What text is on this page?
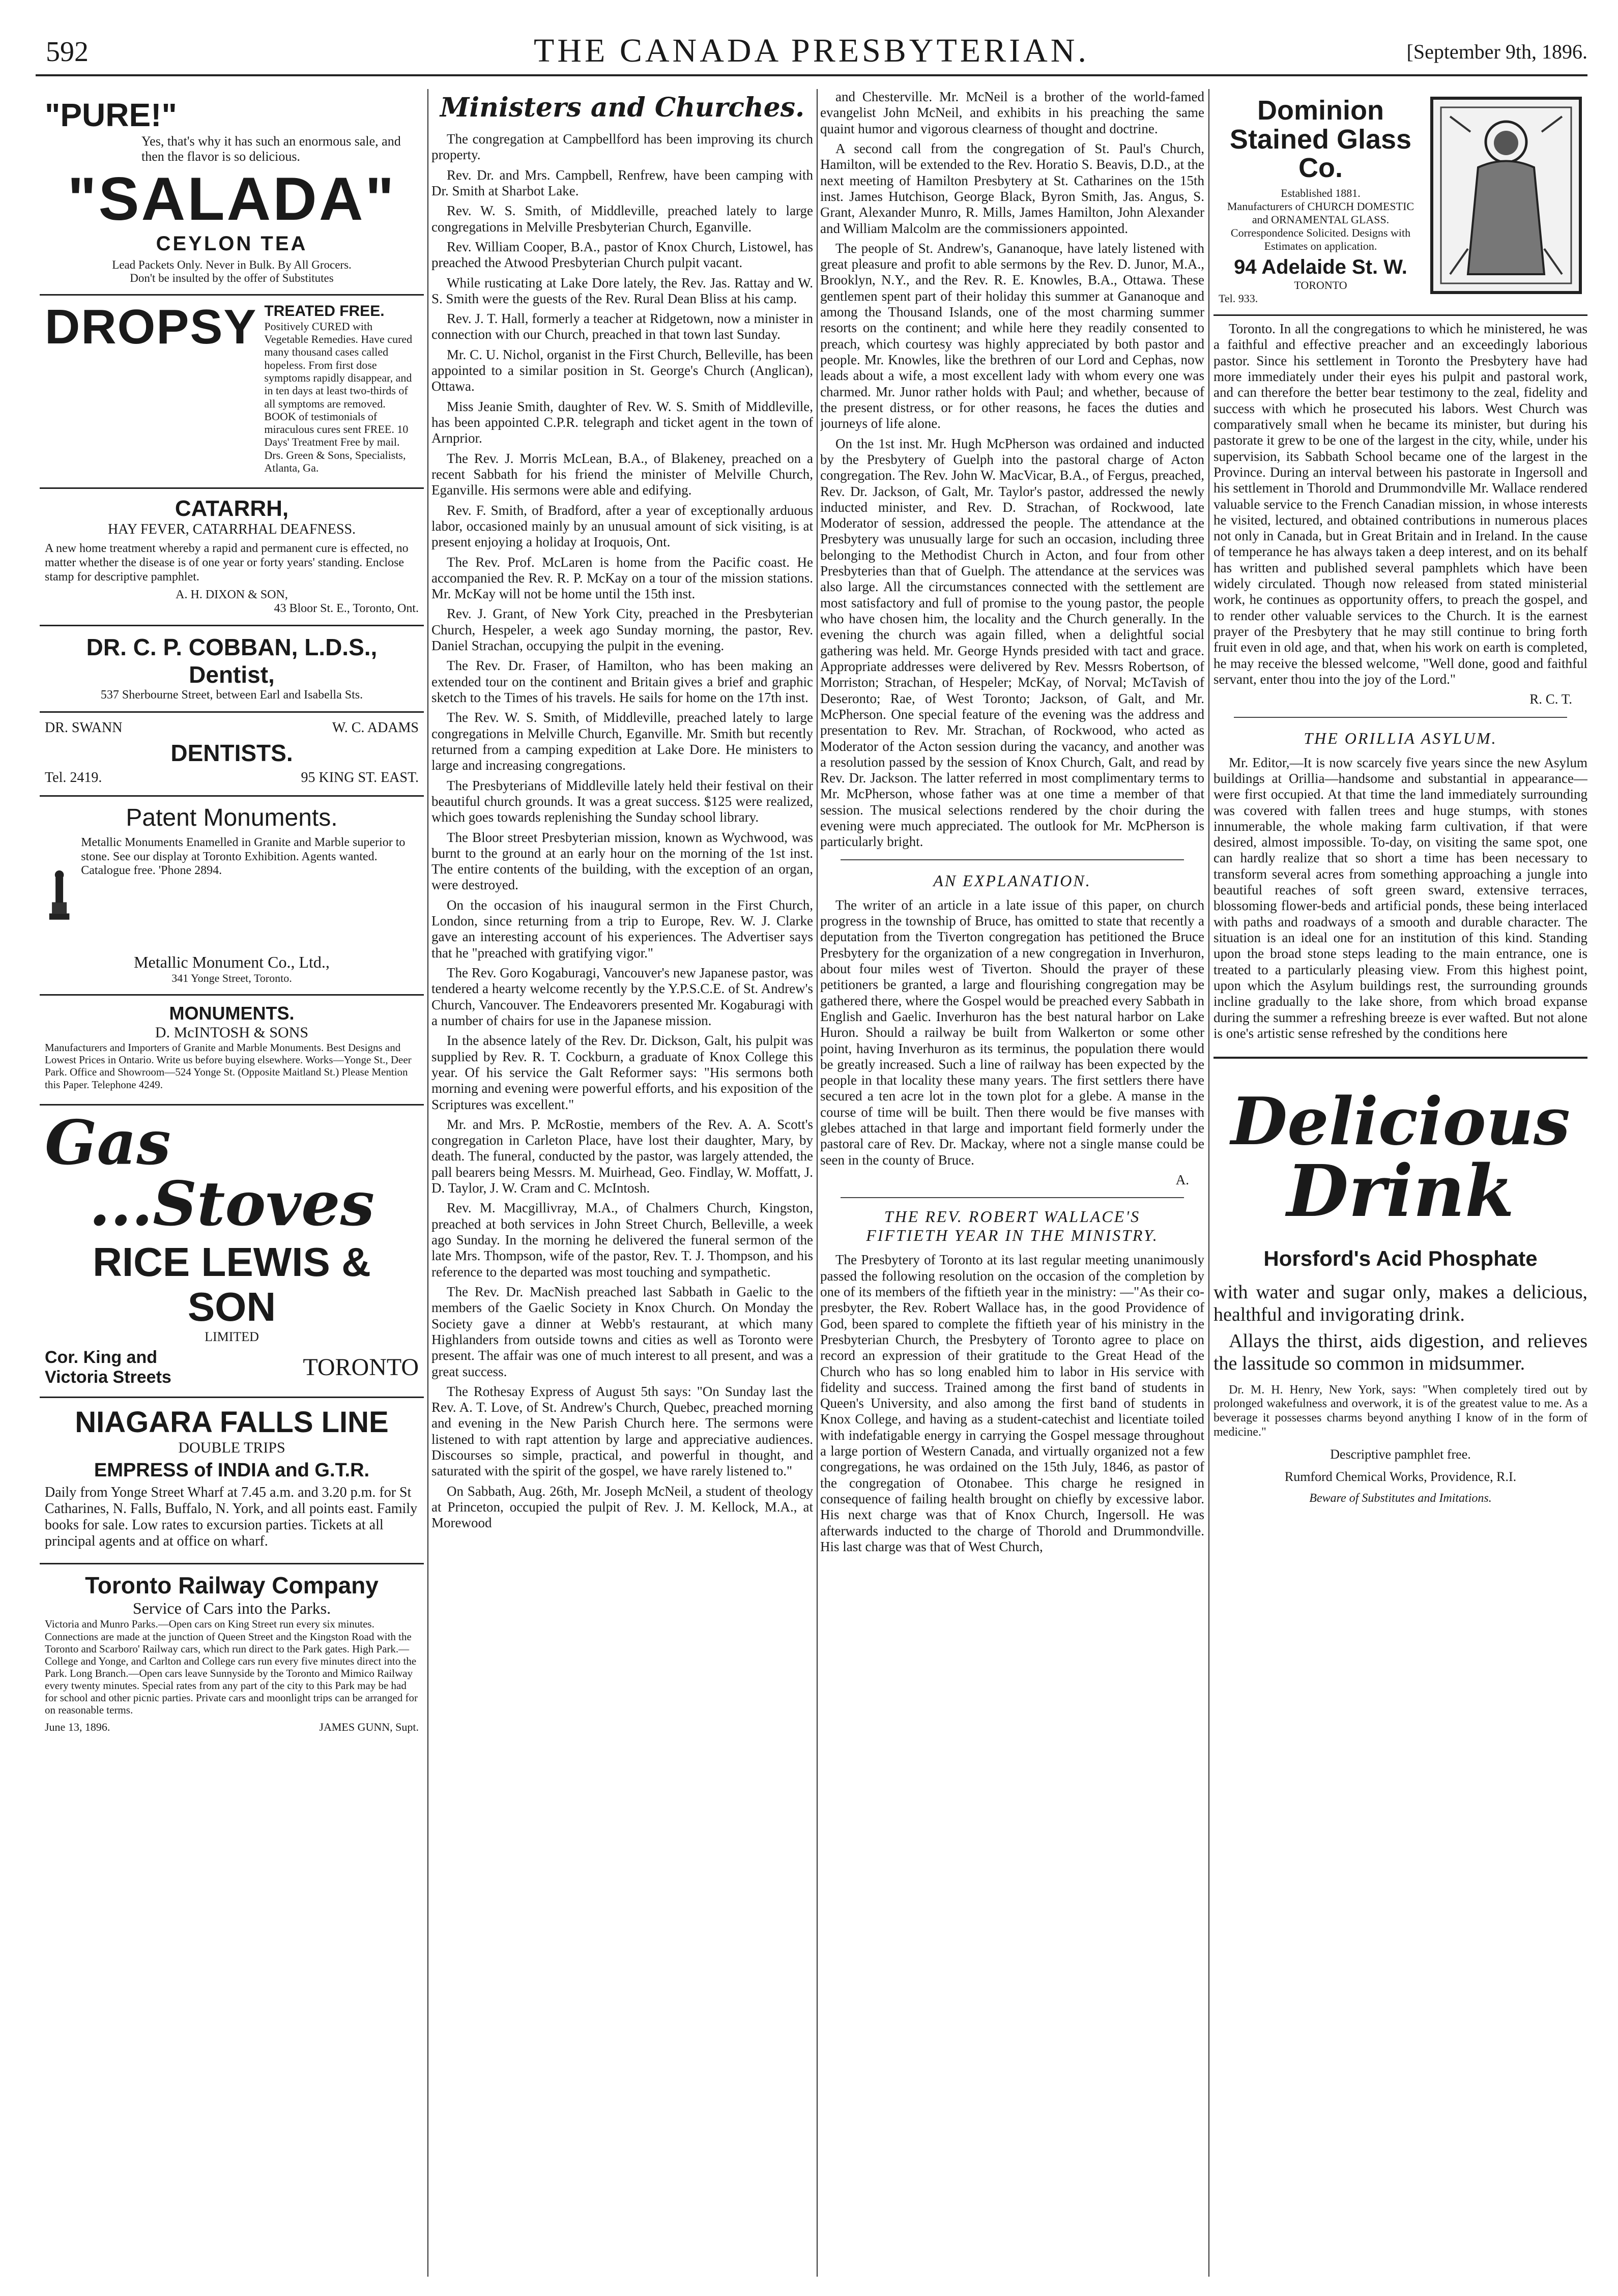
592	THE CANADA PRESBYTERIAN.	[September 9th, 1896.
"PURE!"

Yes, that's why it has such an enormous sale, and then the flavor is so delicious.

"SALADA"
CEYLON TEA
Lead Packets Only. Never in Bulk. By All Grocers.
Don't be insulted by the offer of Substitutes
DROPSY TREATED FREE.

Positively CURED with Vegetable Remedies. Have cured many thousand cases called hopeless. From first dose symptoms rapidly disappear, and in ten days at least two-thirds of all symptoms are removed. BOOK of testimonials of miraculous cures sent FREE. 10 Days' Treatment Free by mail. Drs. Green & Sons, Specialists, Atlanta, Ga.

CATARRH,
HAY FEVER, CATARRHAL DEAFNESS.

A new home treatment whereby a rapid and permanent cure is effected, no matter whether the disease is of one year or forty years' standing. Enclose stamp for descriptive pamphlet.

A. H. DIXON & SON,
43 Bloor St. E., Toronto, Ont.
DR. C. P. COBBAN, L.D.S., Dentist,
537 Sherbourne Street, between Earl and Isabella Sts.
DR. SWANN	W. C. ADAMS
DENTISTS.
Tel. 2419.	95 KING ST. EAST.
Patent Monuments.

Metallic Monuments Enamelled in Granite and Marble superior to stone. See our display at Toronto Exhibition. Agents wanted. Catalogue free. 'Phone 2894.

Metallic Monument Co., Ltd.,
341 Yonge Street, Toronto.
MONUMENTS.
D. McINTOSH & SONS

Manufacturers and Importers of Granite and Marble Monuments. Best Designs and Lowest Prices in Ontario. Write us before buying elsewhere. Works—Yonge St., Deer Park. Office and Showroom—524 Yonge St. (Opposite Maitland St.) Please Mention this Paper. Telephone 4249.

Gas
...Stoves
RICE LEWIS & SON
LIMITED
Cor. King and Victoria Streets	TORONTO
NIAGARA FALLS LINE
DOUBLE TRIPS
EMPRESS of INDIA and G.T.R.

Daily from Yonge Street Wharf at 7.45 a.m. and 3.20 p.m. for St Catharines, N. Falls, Buffalo, N. York, and all points east. Family books for sale. Low rates to excursion parties. Tickets at all principal agents and at office on wharf.

Toronto Railway Company
Service of Cars into the Parks.

Victoria and Munro Parks.—Open cars on King Street run every six minutes. Connections are made at the junction of Queen Street and the Kingston Road with the Toronto and Scarboro' Railway cars, which run direct to the Park gates. High Park.—College and Yonge, and Carlton and College cars run every five minutes direct into the Park. Long Branch.—Open cars leave Sunnyside by the Toronto and Mimico Railway every twenty minutes. Special rates from any part of the city to this Park may be had for school and other picnic parties. Private cars and moonlight trips can be arranged for on reasonable terms.

June 13, 1896.	JAMES GUNN, Supt.
Ministers and Churches.

The congregation at Campbellford has been improving its church property.

Rev. Dr. and Mrs. Campbell, Renfrew, have been camping with Dr. Smith at Sharbot Lake.

Rev. W. S. Smith, of Middleville, preached lately to large congregations in Melville Presbyterian Church, Eganville.

Rev. William Cooper, B.A., pastor of Knox Church, Listowel, has preached the Atwood Presbyterian Church pulpit vacant.

While rusticating at Lake Dore lately, the Rev. Jas. Rattay and W. S. Smith were the guests of the Rev. Rural Dean Bliss at his camp.

Rev. J. T. Hall, formerly a teacher at Ridgetown, now a minister in connection with our Church, preached in that town last Sunday.

Mr. C. U. Nichol, organist in the First Church, Belleville, has been appointed to a similar position in St. George's Church (Anglican), Ottawa.

Miss Jeanie Smith, daughter of Rev. W. S. Smith of Middleville, has been appointed C.P.R. telegraph and ticket agent in the town of Arnprior.

The Rev. J. Morris McLean, B.A., of Blakeney, preached on a recent Sabbath for his friend the minister of Melville Church, Eganville. His sermons were able and edifying.

Rev. F. Smith, of Bradford, after a year of exceptionally arduous labor, occasioned mainly by an unusual amount of sick visiting, is at present enjoying a holiday at Iroquois, Ont.

The Rev. Prof. McLaren is home from the Pacific coast. He accompanied the Rev. R. P. McKay on a tour of the mission stations. Mr. McKay will not be home until the 15th inst.

Rev. J. Grant, of New York City, preached in the Presbyterian Church, Hespeler, a week ago Sunday morning, the pastor, Rev. Daniel Strachan, occupying the pulpit in the evening.

The Rev. Dr. Fraser, of Hamilton, who has been making an extended tour on the continent and Britain gives a brief and graphic sketch to the Times of his travels. He sails for home on the 17th inst.

The Rev. W. S. Smith, of Middleville, preached lately to large congregations in Melville Church, Eganville. Mr. Smith but recently returned from a camping expedition at Lake Dore. He ministers to large and increasing congregations.

The Presbyterians of Middleville lately held their festival on their beautiful church grounds. It was a great success. $125 were realized, which goes towards replenishing the Sunday school library.

The Bloor street Presbyterian mission, known as Wychwood, was burnt to the ground at an early hour on the morning of the 1st inst. The entire contents of the building, with the exception of an organ, were destroyed.

On the occasion of his inaugural sermon in the First Church, London, since returning from a trip to Europe, Rev. W. J. Clarke gave an interesting account of his experiences. The Advertiser says that he "preached with gratifying vigor."

The Rev. Goro Kogaburagi, Vancouver's new Japanese pastor, was tendered a hearty welcome recently by the Y.P.S.C.E. of St. Andrew's Church, Vancouver. The Endeavorers presented Mr. Kogaburagi with a number of chairs for use in the Japanese mission.

In the absence lately of the Rev. Dr. Dickson, Galt, his pulpit was supplied by Rev. R. T. Cockburn, a graduate of Knox College this year. Of his service the Galt Reformer says: "His sermons both morning and evening were powerful efforts, and his exposition of the Scriptures was excellent."

Mr. and Mrs. P. McRostie, members of the Rev. A. A. Scott's congregation in Carleton Place, have lost their daughter, Mary, by death. The funeral, conducted by the pastor, was largely attended, the pall bearers being Messrs. M. Muirhead, Geo. Findlay, W. Moffatt, J. D. Taylor, J. W. Cram and C. McIntosh.

Rev. M. Macgillivray, M.A., of Chalmers Church, Kingston, preached at both services in John Street Church, Belleville, a week ago Sunday. In the morning he delivered the funeral sermon of the late Mrs. Thompson, wife of the pastor, Rev. T. J. Thompson, and his reference to the departed was most touching and sympathetic.

The Rev. Dr. MacNish preached last Sabbath in Gaelic to the members of the Gaelic Society in Knox Church. On Monday the Society gave a dinner at Webb's restaurant, at which many Highlanders from outside towns and cities as well as Toronto were present. The affair was one of much interest to all present, and was a great success.

The Rothesay Express of August 5th says: "On Sunday last the Rev. A. T. Love, of St. Andrew's Church, Quebec, preached morning and evening in the New Parish Church here. The sermons were listened to with rapt attention by large and appreciative audiences. Discourses so simple, practical, and powerful in thought, and saturated with the spirit of the gospel, we have rarely listened to."

On Sabbath, Aug. 26th, Mr. Joseph McNeil, a student of theology at Princeton, occupied the pulpit of Rev. J. M. Kellock, M.A., at Morewood

and Chesterville. Mr. McNeil is a brother of the world-famed evangelist John McNeil, and exhibits in his preaching the same quaint humor and vigorous clearness of thought and doctrine.

A second call from the congregation of St. Paul's Church, Hamilton, will be extended to the Rev. Horatio S. Beavis, D.D., at the next meeting of Hamilton Presbytery at St. Catharines on the 15th inst. James Hutchison, George Black, Byron Smith, Jas. Angus, S. Grant, Alexander Munro, R. Mills, James Hamilton, John Alexander and William Malcolm are the commissioners appointed.

The people of St. Andrew's, Gananoque, have lately listened with great pleasure and profit to able sermons by the Rev. D. Junor, M.A., Brooklyn, N.Y., and the Rev. R. E. Knowles, B.A., Ottawa. These gentlemen spent part of their holiday this summer at Gananoque and among the Thousand Islands, one of the most charming summer resorts on the continent; and while here they readily consented to preach, which courtesy was highly appreciated by both pastor and people. Mr. Knowles, like the brethren of our Lord and Cephas, now leads about a wife, a most excellent lady with whom every one was charmed. Mr. Junor rather holds with Paul; and whether, because of the present distress, or for other reasons, he faces the duties and journeys of life alone.

On the 1st inst. Mr. Hugh McPherson was ordained and inducted by the Presbytery of Guelph into the pastoral charge of Acton congregation. The Rev. John W. MacVicar, B.A., of Fergus, preached, Rev. Dr. Jackson, of Galt, Mr. Taylor's pastor, addressed the newly inducted minister, and Rev. D. Strachan, of Rockwood, late Moderator of session, addressed the people. The attendance at the Presbytery was unusually large for such an occasion, including three belonging to the Methodist Church in Acton, and four from other Presbyteries than that of Guelph. The attendance at the services was also large. All the circumstances connected with the settlement are most satisfactory and full of promise to the young pastor, the people who have chosen him, the locality and the Church generally. In the evening the church was again filled, when a delightful social gathering was held. Mr. George Hynds presided with tact and grace. Appropriate addresses were delivered by Rev. Messrs Robertson, of Morriston; Strachan, of Hespeler; McKay, of Norval; McTavish of Deseronto; Rae, of West Toronto; Jackson, of Galt, and Mr. McPherson. One special feature of the evening was the address and presentation to Rev. Mr. Strachan, of Rockwood, who acted as Moderator of the Acton session during the vacancy, and another was a resolution passed by the session of Knox Church, Galt, and read by Rev. Dr. Jackson. The latter referred in most complimentary terms to Mr. McPherson, whose father was at one time a member of that session. The musical selections rendered by the choir during the evening were much appreciated. The outlook for Mr. McPherson is particularly bright.

AN EXPLANATION.

The writer of an article in a late issue of this paper, on church progress in the township of Bruce, has omitted to state that recently a deputation from the Tiverton congregation has petitioned the Bruce Presbytery for the organization of a new congregation in Inverhuron, about four miles west of Tiverton. Should the prayer of these petitioners be granted, a large and flourishing congregation may be gathered there, where the Gospel would be preached every Sabbath in English and Gaelic. Inverhuron has the best natural harbor on Lake Huron. Should a railway be built from Walkerton or some other point, having Inverhuron as its terminus, the population there would be greatly increased. Such a line of railway has been expected by the people in that locality these many years. The first settlers there have secured a ten acre lot in the town plot for a glebe. A manse in the course of time will be built. Then there would be five manses with glebes attached in that large and important field formerly under the pastoral care of Rev. Dr. Mackay, where not a single manse could be seen in the county of Bruce.

A.

THE REV. ROBERT WALLACE'S FIFTIETH YEAR IN THE MINISTRY.

The Presbytery of Toronto at its last regular meeting unanimously passed the following resolution on the occasion of the completion by one of its members of the fiftieth year in the ministry: —"As their co-presbyter, the Rev. Robert Wallace has, in the good Providence of God, been spared to complete the fiftieth year of his ministry in the Presbyterian Church, the Presbytery of Toronto agree to place on record an expression of their gratitude to the Great Head of the Church who has so long enabled him to labor in His service with fidelity and success. Trained among the first band of students in Queen's University, and also among the first band of students in Knox College, and having as a student-catechist and licentiate toiled with indefatigable energy in carrying the Gospel message throughout a large portion of Western Canada, and virtually organized not a few congregations, he was ordained on the 15th July, 1846, as pastor of the congregation of Otonabee. This charge he resigned in consequence of failing health brought on chiefly by excessive labor. His next charge was that of Knox Church, Ingersoll. He was afterwards inducted to the charge of Thorold and Drummondville. His last charge was that of West Church,

Dominion Stained Glass Co.
Established 1881.
Manufacturers of CHURCH DOMESTIC and ORNAMENTAL GLASS. Correspondence Solicited. Designs with Estimates on application.
94 Adelaide St. W.
TORONTO
Tel. 933.

Toronto. In all the congregations to which he ministered, he was a faithful and effective preacher and an exceedingly laborious pastor. Since his settlement in Toronto the Presbytery have had more immediately under their eyes his pulpit and pastoral work, and can therefore the better bear testimony to the zeal, fidelity and success with which he prosecuted his labors. West Church was comparatively small when he became its minister, but during his pastorate it grew to be one of the largest in the city, while, under his supervision, its Sabbath School became one of the largest in the Province. During an interval between his pastorate in Ingersoll and his settlement in Thorold and Drummondville Mr. Wallace rendered valuable service to the French Canadian mission, in whose interests he visited, lectured, and obtained contributions in numerous places not only in Canada, but in Great Britain and in Ireland. In the cause of temperance he has always taken a deep interest, and on its behalf has written and published several pamphlets which have been widely circulated. Though now released from stated ministerial work, he continues as opportunity offers, to preach the gospel, and to render other valuable services to the Church. It is the earnest prayer of the Presbytery that he may still continue to bring forth fruit even in old age, and that, when his work on earth is completed, he may receive the blessed welcome, "Well done, good and faithful servant, enter thou into the joy of the Lord."

R. C. T.

THE ORILLIA ASYLUM.

Mr. Editor,—It is now scarcely five years since the new Asylum buildings at Orillia—handsome and substantial in appearance—were first occupied. At that time the land immediately surrounding was covered with fallen trees and huge stumps, with stones innumerable, the whole making farm cultivation, if that were desired, almost impossible. To-day, on visiting the same spot, one can hardly realize that so short a time has been necessary to transform several acres from something approaching a jungle into beautiful reaches of soft green sward, extensive terraces, blossoming flower-beds and artificial ponds, these being interlaced with paths and roadways of a smooth and durable character. The situation is an ideal one for an institution of this kind. Standing upon the broad stone steps leading to the main entrance, one is treated to a particularly pleasing view. From this highest point, upon which the Asylum buildings rest, the surrounding grounds incline gradually to the lake shore, from which broad expanse during the summer a refreshing breeze is ever wafted. But not alone is one's artistic sense refreshed by the conditions here

Delicious
Drink
Horsford's Acid Phosphate

with water and sugar only, makes a delicious, healthful and invigorating drink.

Allays the thirst, aids digestion, and relieves the lassitude so common in midsummer.

Dr. M. H. Henry, New York, says: "When completely tired out by prolonged wakefulness and overwork, it is of the greatest value to me. As a beverage it possesses charms beyond anything I know of in the form of medicine."

Descriptive pamphlet free.
Rumford Chemical Works, Providence, R.I.
Beware of Substitutes and Imitations.
